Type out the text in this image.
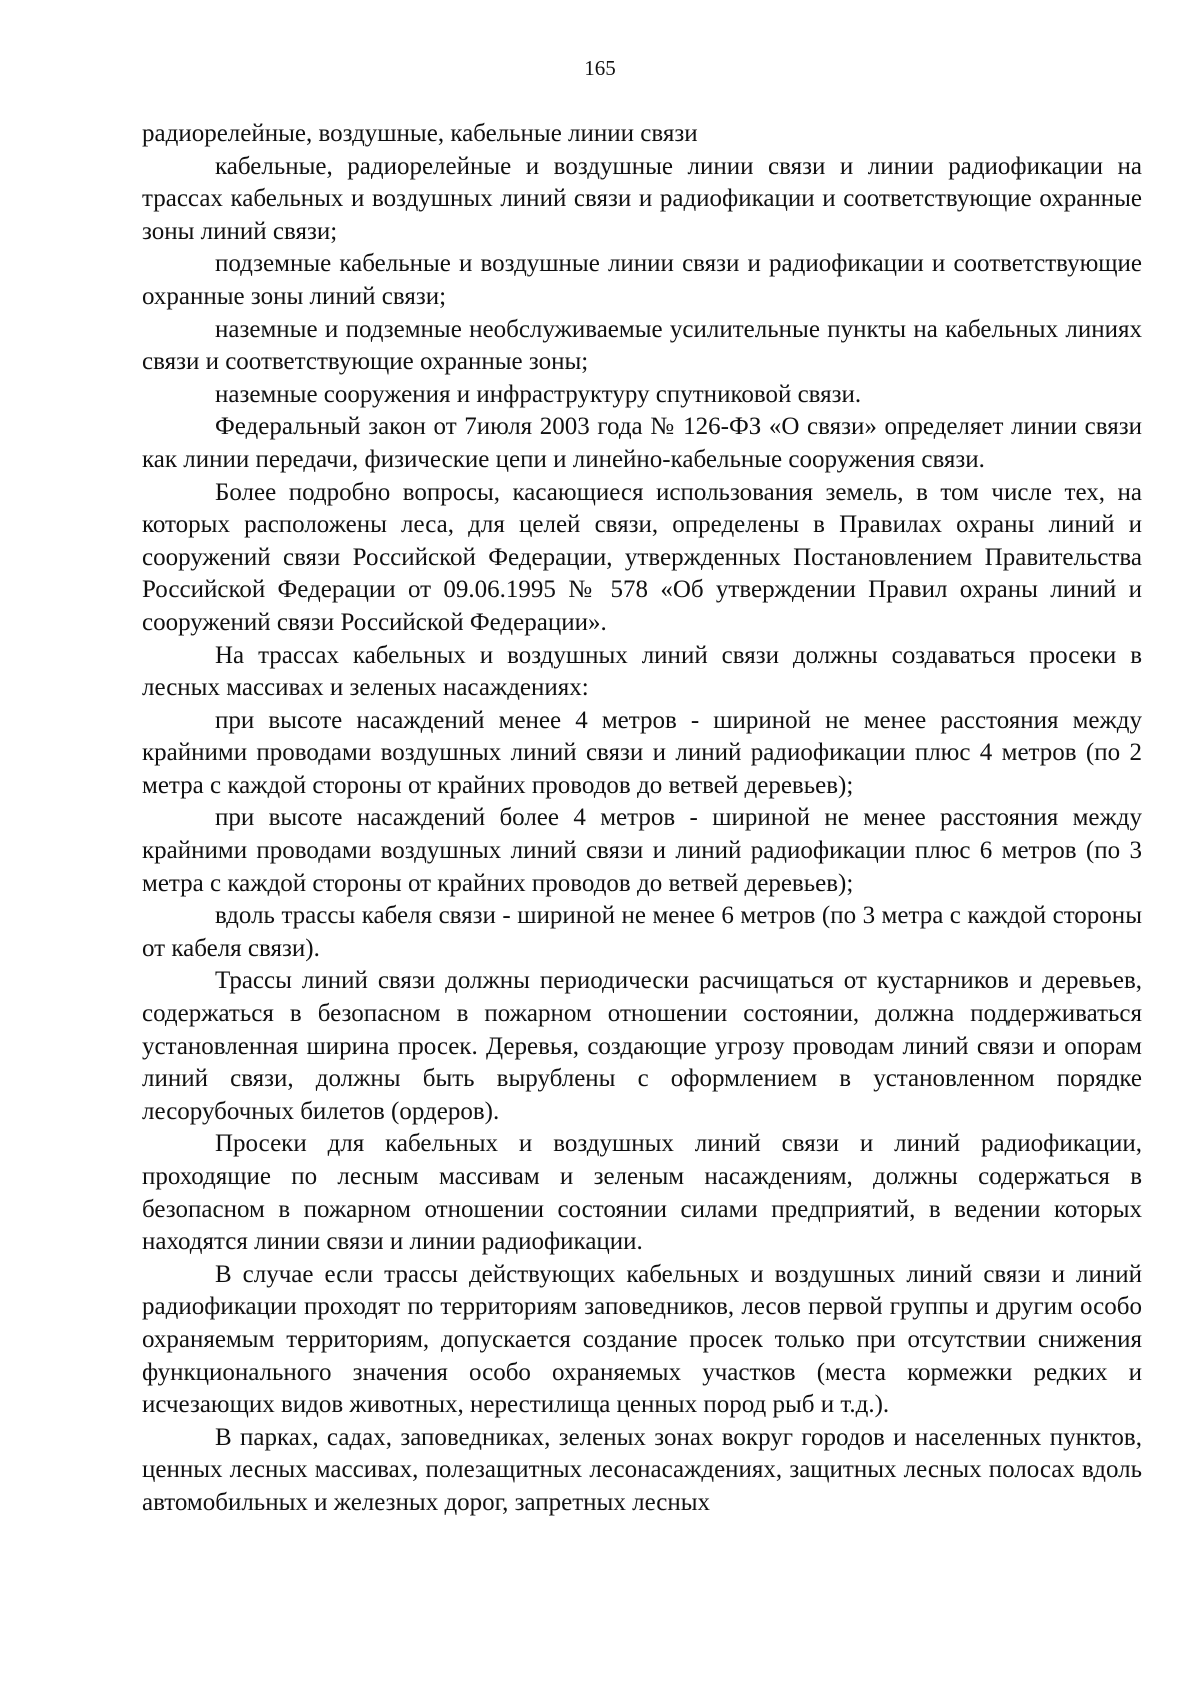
165

радиорелейные, воздушные, кабельные линии связи

кабельные, радиорелейные и воздушные линии связи и линии радиофикации на трассах кабельных и воздушных линий связи и радиофикации и соответствующие охранные зоны линий связи;

подземные кабельные и воздушные линии связи и радиофикации и соответствующие охранные зоны линий связи;

наземные и подземные необслуживаемые усилительные пункты на кабельных линиях связи и соответствующие охранные зоны;

наземные сооружения и инфраструктуру спутниковой связи.

Федеральный закон от 7июля 2003 года № 126-ФЗ «О связи» определяет линии связи как линии передачи, физические цепи и линейно-кабельные сооружения связи.

Более подробно вопросы, касающиеся использования земель, в том числе тех, на которых расположены леса, для целей связи, определены в Правилах охраны линий и сооружений связи Российской Федерации, утвержденных Постановлением Правительства Российской Федерации от 09.06.1995 № 578 «Об утверждении Правил охраны линий и сооружений связи Российской Федерации».

На трассах кабельных и воздушных линий связи должны создаваться просеки в лесных массивах и зеленых насаждениях:

при высоте насаждений менее 4 метров - шириной не менее расстояния между крайними проводами воздушных линий связи и линий радиофикации плюс 4 метров (по 2 метра с каждой стороны от крайних проводов до ветвей деревьев);

при высоте насаждений более 4 метров - шириной не менее расстояния между крайними проводами воздушных линий связи и линий радиофикации плюс 6 метров (по 3 метра с каждой стороны от крайних проводов до ветвей деревьев);

вдоль трассы кабеля связи - шириной не менее 6 метров (по 3 метра с каждой стороны от кабеля связи).

Трассы линий связи должны периодически расчищаться от кустарников и деревьев, содержаться в безопасном в пожарном отношении состоянии, должна поддерживаться установленная ширина просек. Деревья, создающие угрозу проводам линий связи и опорам линий связи, должны быть вырублены с оформлением в установленном порядке лесорубочных билетов (ордеров).

Просеки для кабельных и воздушных линий связи и линий радиофикации, проходящие по лесным массивам и зеленым насаждениям, должны содержаться в безопасном в пожарном отношении состоянии силами предприятий, в ведении которых находятся линии связи и линии радиофикации.

В случае если трассы действующих кабельных и воздушных линий связи и линий радиофикации проходят по территориям заповедников, лесов первой группы и другим особо охраняемым территориям, допускается создание просек только при отсутствии снижения функционального значения особо охраняемых участков (места кормежки редких и исчезающих видов животных, нерестилища ценных пород рыб и т.д.).

В парках, садах, заповедниках, зеленых зонах вокруг городов и населенных пунктов, ценных лесных массивах, полезащитных лесонасаждениях, защитных лесных полосах вдоль автомобильных и железных дорог, запретных лесных
